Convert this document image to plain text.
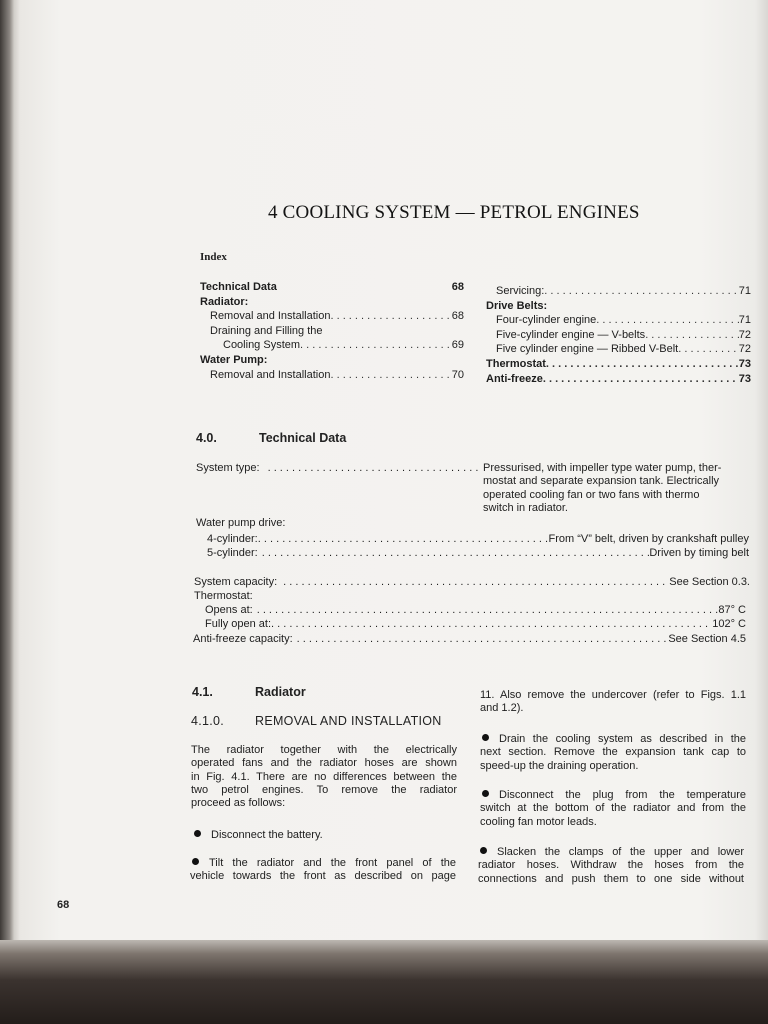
4 COOLING SYSTEM — PETROL ENGINES
Index
Technical Data	68
Radiator:
Removal and Installation . . .	68
Draining and Filling the
Cooling System . . .	69
Water Pump:
Removal and Installation . . .	70
Servicing: . . .	71
Drive Belts:
Four-cylinder engine . . .	71
Five-cylinder engine — V-belts . . .	72
Five cylinder engine — Ribbed V-Belt . . .	72
Thermostat . . .	73
Anti-freeze . . .	73
4.0.	Technical Data
System type: . . .	Pressurised, with impeller type water pump, ther-
mostat and separate expansion tank. Electrically
operated cooling fan or two fans with thermo
switch in radiator.
Water pump drive:
4-cylinder: . . .	From “V” belt, driven by crankshaft pulley
5-cylinder: . . .	Driven by timing belt
System capacity: . . .	See Section 0.3.
Thermostat:
Opens at: . . .	87° C
Fully open at: . . .	102° C
Anti-freeze capacity: . . .	See Section 4.5
4.1.	Radiator
4.1.0. REMOVAL AND INSTALLATION
The radiator together with the electrically
operated fans and the radiator hoses are shown
in Fig. 4.1. There are no differences between the
two petrol engines. To remove the radiator
proceed as follows:
Disconnect the battery.
Tilt the radiator and the front panel of the
vehicle towards the front as described on page
11. Also remove the undercover (refer to Figs. 1.1
and 1.2).
Drain the cooling system as described in the
next section. Remove the expansion tank cap to
speed-up the draining operation.
Disconnect the plug from the temperature
switch at the bottom of the radiator and from the
cooling fan motor leads.
Slacken the clamps of the upper and lower
radiator hoses. Withdraw the hoses from the
connections and push them to one side without
68
